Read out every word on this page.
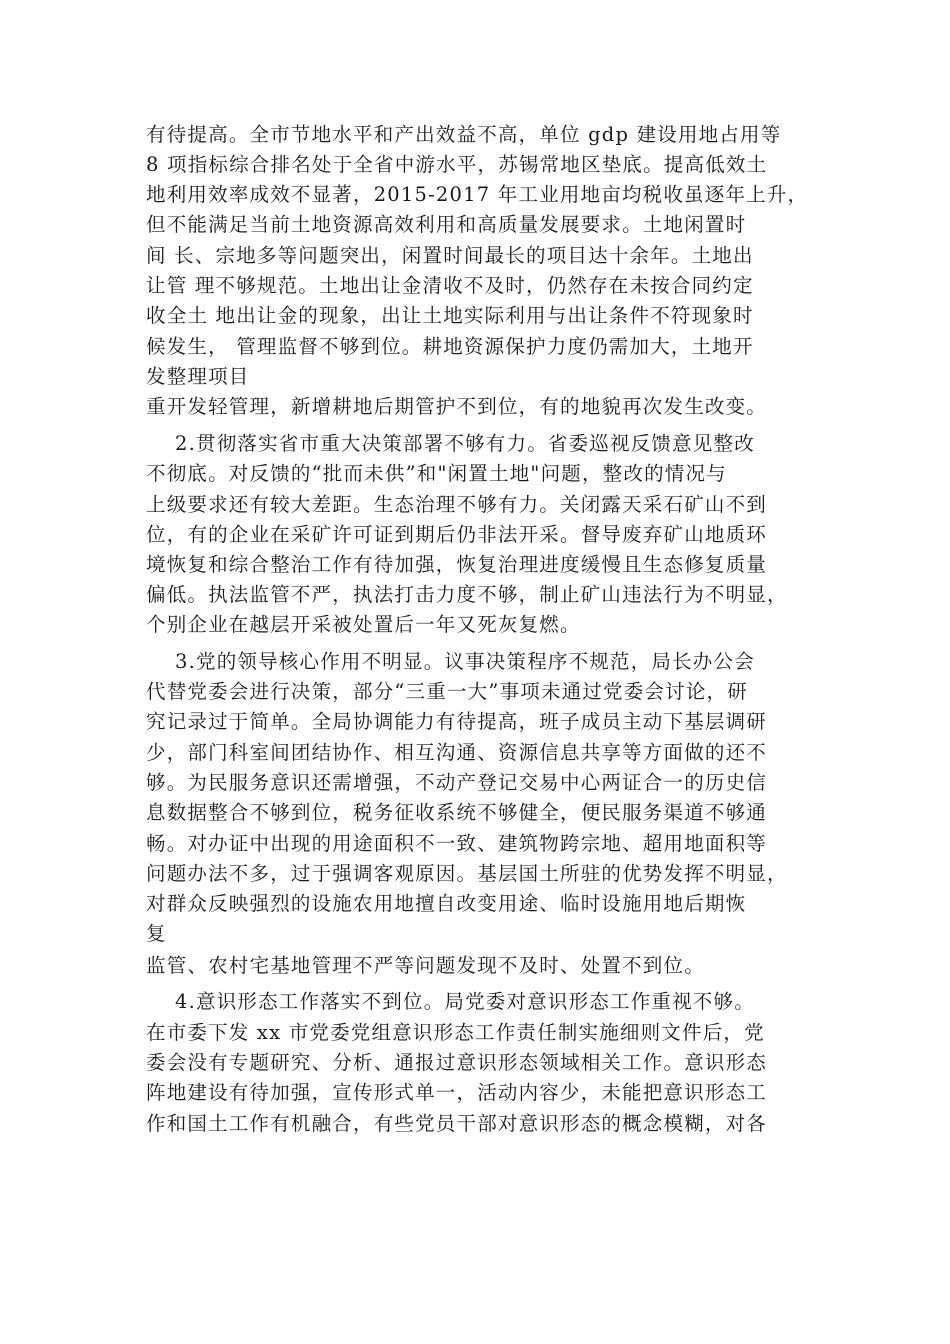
有待提高。全市节地水平和产出效益不高，单位 gdp 建设用地占用等
8 项指标综合排名处于全省中游水平，苏锡常地区垫底。提高低效土
地利用效率成效不显著，2015-2017 年工业用地亩均税收虽逐年上升，
但不能满足当前土地资源高效利用和高质量发展要求。土地闲置时
间 长、宗地多等问题突出，闲置时间最长的项目达十余年。土地出
让管 理不够规范。土地出让金清收不及时，仍然存在未按合同约定
收全土 地出让金的现象，出让土地实际利用与出让条件不符现象时
候发生， 管理监督不够到位。耕地资源保护力度仍需加大，土地开
发整理项目
重开发轻管理，新增耕地后期管护不到位，有的地貌再次发生改变。
2.贯彻落实省市重大决策部署不够有力。省委巡视反馈意见整改
不彻底。对反馈的“批而未供”和"闲置土地"问题，整改的情况与
上级要求还有较大差距。生态治理不够有力。关闭露天采石矿山不到
位，有的企业在采矿许可证到期后仍非法开采。督导废弃矿山地质环
境恢复和综合整治工作有待加强，恢复治理进度缓慢且生态修复质量
偏低。执法监管不严，执法打击力度不够，制止矿山违法行为不明显，
个别企业在越层开采被处置后一年又死灰复燃。
3.党的领导核心作用不明显。议事决策程序不规范，局长办公会
代替党委会进行决策，部分“三重一大”事项未通过党委会讨论，研
究记录过于简单。全局协调能力有待提高，班子成员主动下基层调研
少，部门科室间团结协作、相互沟通、资源信息共享等方面做的还不
够。为民服务意识还需增强，不动产登记交易中心两证合一的历史信
息数据整合不够到位，税务征收系统不够健全，便民服务渠道不够通
畅。对办证中出现的用途面积不一致、建筑物跨宗地、超用地面积等
问题办法不多，过于强调客观原因。基层国土所驻的优势发挥不明显，
对群众反映强烈的设施农用地擅自改变用途、临时设施用地后期恢
复
监管、农村宅基地管理不严等问题发现不及时、处置不到位。
4.意识形态工作落实不到位。局党委对意识形态工作重视不够。
在市委下发 xx 市党委党组意识形态工作责任制实施细则文件后，党
委会没有专题研究、分析、通报过意识形态领域相关工作。意识形态
阵地建设有待加强，宣传形式单一，活动内容少，未能把意识形态工
作和国土工作有机融合，有些党员干部对意识形态的概念模糊，对各
